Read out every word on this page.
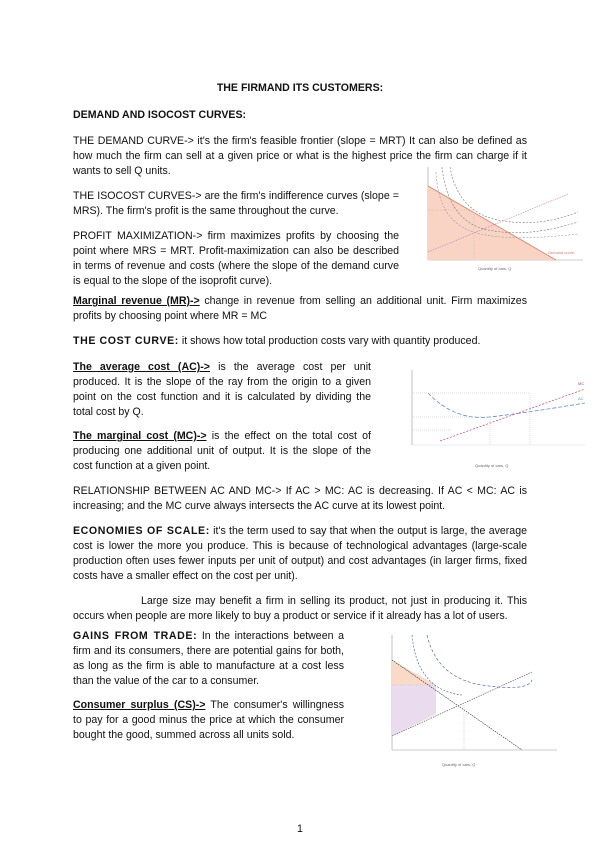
THE FIRMAND ITS CUSTOMERS:
DEMAND AND ISOCOST CURVES:
THE DEMAND CURVE-> it's the firm's feasible frontier (slope = MRT) It can also be defined as how much the firm can sell at a given price or what is the highest price the firm can charge if it wants to sell Q units.
THE ISOCOST CURVES-> are the firm's indifference curves (slope = MRS). The firm's profit is the same throughout the curve.
PROFIT MAXIMIZATION-> firm maximizes profits by choosing the point where MRS = MRT. Profit-maximization can also be described in terms of revenue and costs (where the slope of the demand curve is equal to the slope of the isoprofit curve).
Marginal revenue (MR)-> change in revenue from selling an additional unit. Firm maximizes profits by choosing point where MR = MC
THE COST CURVE: it shows how total production costs vary with quantity produced.
The average cost (AC)-> is the average cost per unit produced. It is the slope of the ray from the origin to a given point on the cost function and it is calculated by dividing the total cost by Q.
The marginal cost (MC)-> is the effect on the total cost of producing one additional unit of output. It is the slope of the cost function at a given point.
RELATIONSHIP BETWEEN AC AND MC-> If AC > MC: AC is decreasing. If AC < MC: AC is increasing; and the MC curve always intersects the AC curve at its lowest point.
ECONOMIES OF SCALE: it's the term used to say that when the output is large, the average cost is lower the more you produce. This is because of technological advantages (large-scale production often uses fewer inputs per unit of output) and cost advantages (in larger firms, fixed costs have a smaller effect on the cost per unit).
Large size may benefit a firm in selling its product, not just in producing it. This occurs when people are more likely to buy a product or service if it already has a lot of users.
GAINS FROM TRADE: In the interactions between a firm and its consumers, there are potential gains for both, as long as the firm is able to manufacture at a cost less than the value of the car to a consumer.
Consumer surplus (CS)-> The consumer's willingness to pay for a good minus the price at which the consumer bought the good, summed across all units sold.
Quantity of cars, Q
Demand curve
MC
AC
Quantity of cars, Q
Quantity of cars, Q
1
